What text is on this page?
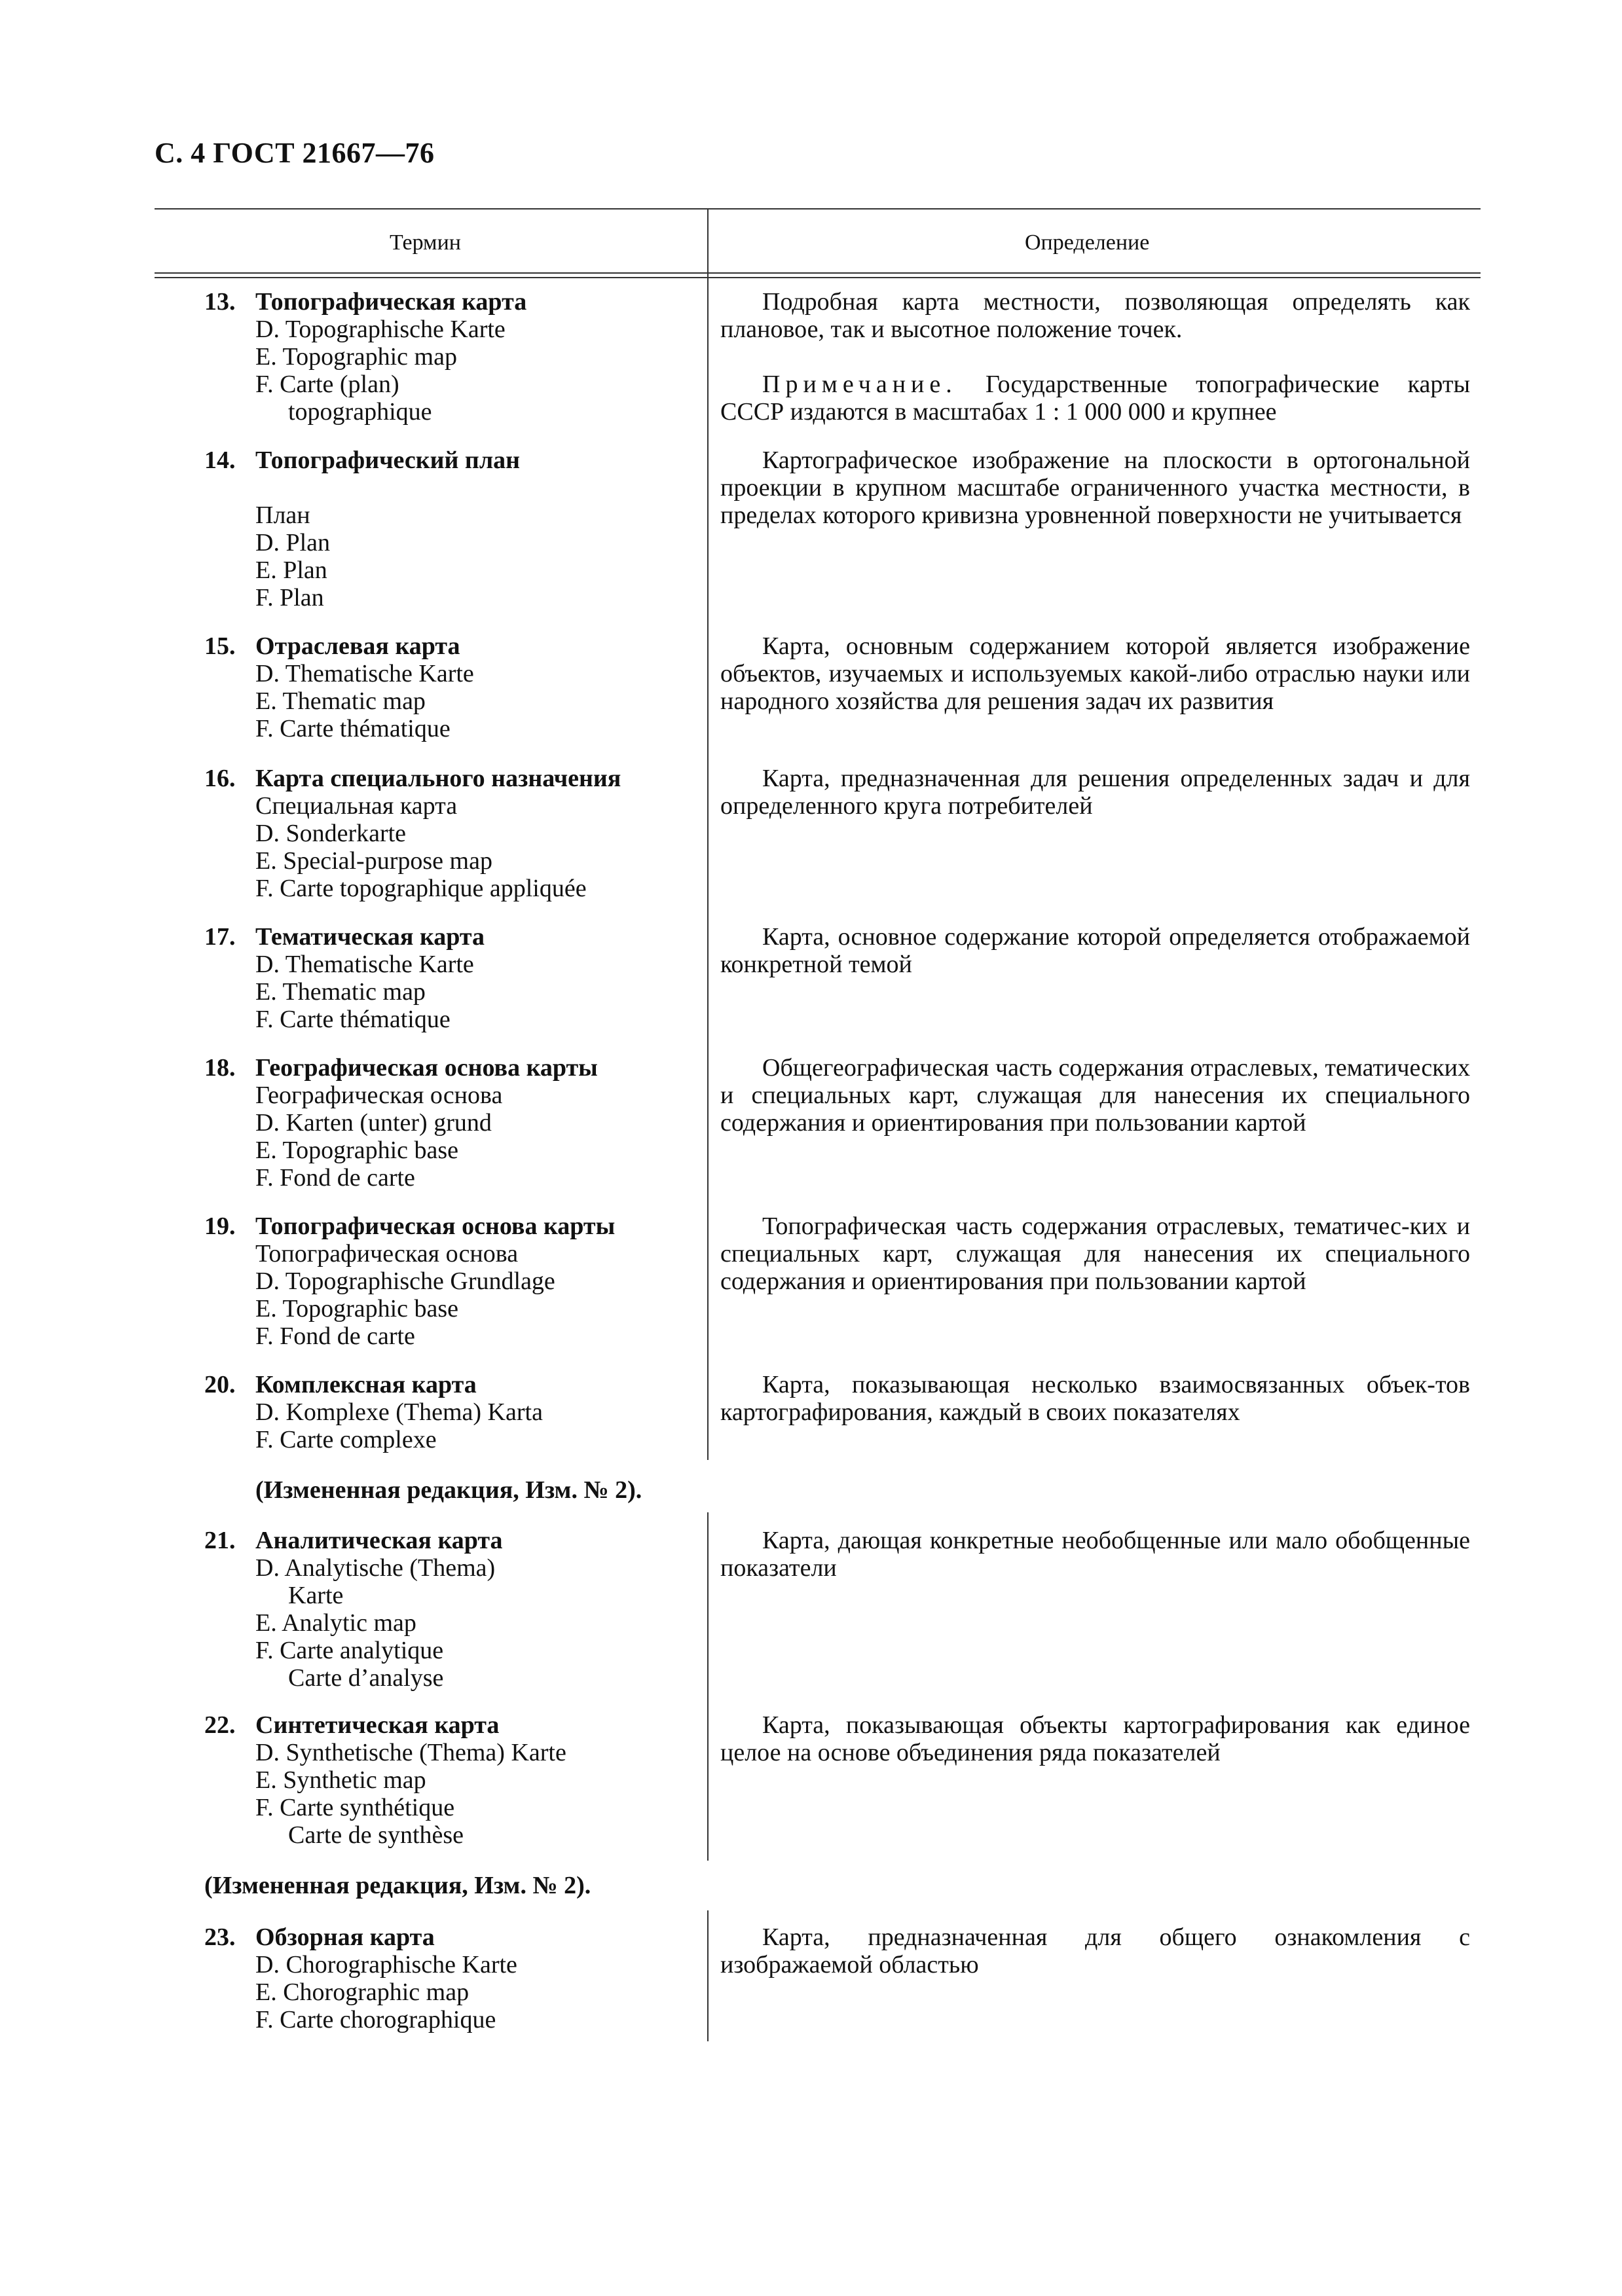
С. 4 ГОСТ 21667—76
Термин	Определение
13. Топографическая карта
D. Topographische Karte
E. Topographic map
F. Carte (plan)
topographique

Подробная карта местности, позволяющая определять как плановое, так и высотное положение точек.

Примечание. Государственные топографические карты СССР издаются в масштабах 1 : 1 000 000 и крупнее

14. Топографический план
План
D. Plan
E. Plan
F. Plan

Картографическое изображение на плоскости в ортогональной проекции в крупном масштабе ограниченного участка местности, в пределах которого кривизна уровненной поверхности не учитывается

15. Отраслевая карта
D. Thematische Karte
E. Thematic map
F. Carte thématique

Карта, основным содержанием которой является изображение объектов, изучаемых и используемых какой-либо отраслью науки или народного хозяйства для решения задач их развития

16. Карта специального назначения
Специальная карта
D. Sonderkarte
E. Special-purpose map
F. Carte topographique appliquée

Карта, предназначенная для решения определенных задач и для определенного круга потребителей

17. Тематическая карта
D. Thematische Karte
E. Thematic map
F. Carte thématique

Карта, основное содержание которой определяется отображаемой конкретной темой

18. Географическая основа карты
Географическая основа
D. Karten (unter) grund
E. Topographic base
F. Fond de carte

Общегеографическая часть содержания отраслевых, тематических и специальных карт, служащая для нанесения их специального содержания и ориентирования при пользовании картой

19. Топографическая основа карты
Топографическая основа
D. Topographische Grundlage
E. Topographic base
F. Fond de carte

Топографическая часть содержания отраслевых, тематичес-ких и специальных карт, служащая для нанесения их специального содержания и ориентирования при пользовании картой

20. Комплексная карта
D. Komplexe (Thema) Karta
F. Carte complexe

Карта, показывающая несколько взаимосвязанных объек-тов картографирования, каждый в своих показателях

(Измененная редакция, Изм. № 2).
21. Аналитическая карта
D. Analytische (Thema)
Karte
E. Analytic map
F. Carte analytique
Carte d’analyse

Карта, дающая конкретные необобщенные или мало обобщенные показатели

22. Синтетическая карта
D. Synthetische (Thema) Karte
E. Synthetic map
F. Carte synthétique
Carte de synthèse

Карта, показывающая объекты картографирования как единое целое на основе объединения ряда показателей

(Измененная редакция, Изм. № 2).
23. Обзорная карта
D. Chorographische Karte
E. Chorographic map
F. Carte chorographique

Карта, предназначенная для общего ознакомления с изображаемой областью
